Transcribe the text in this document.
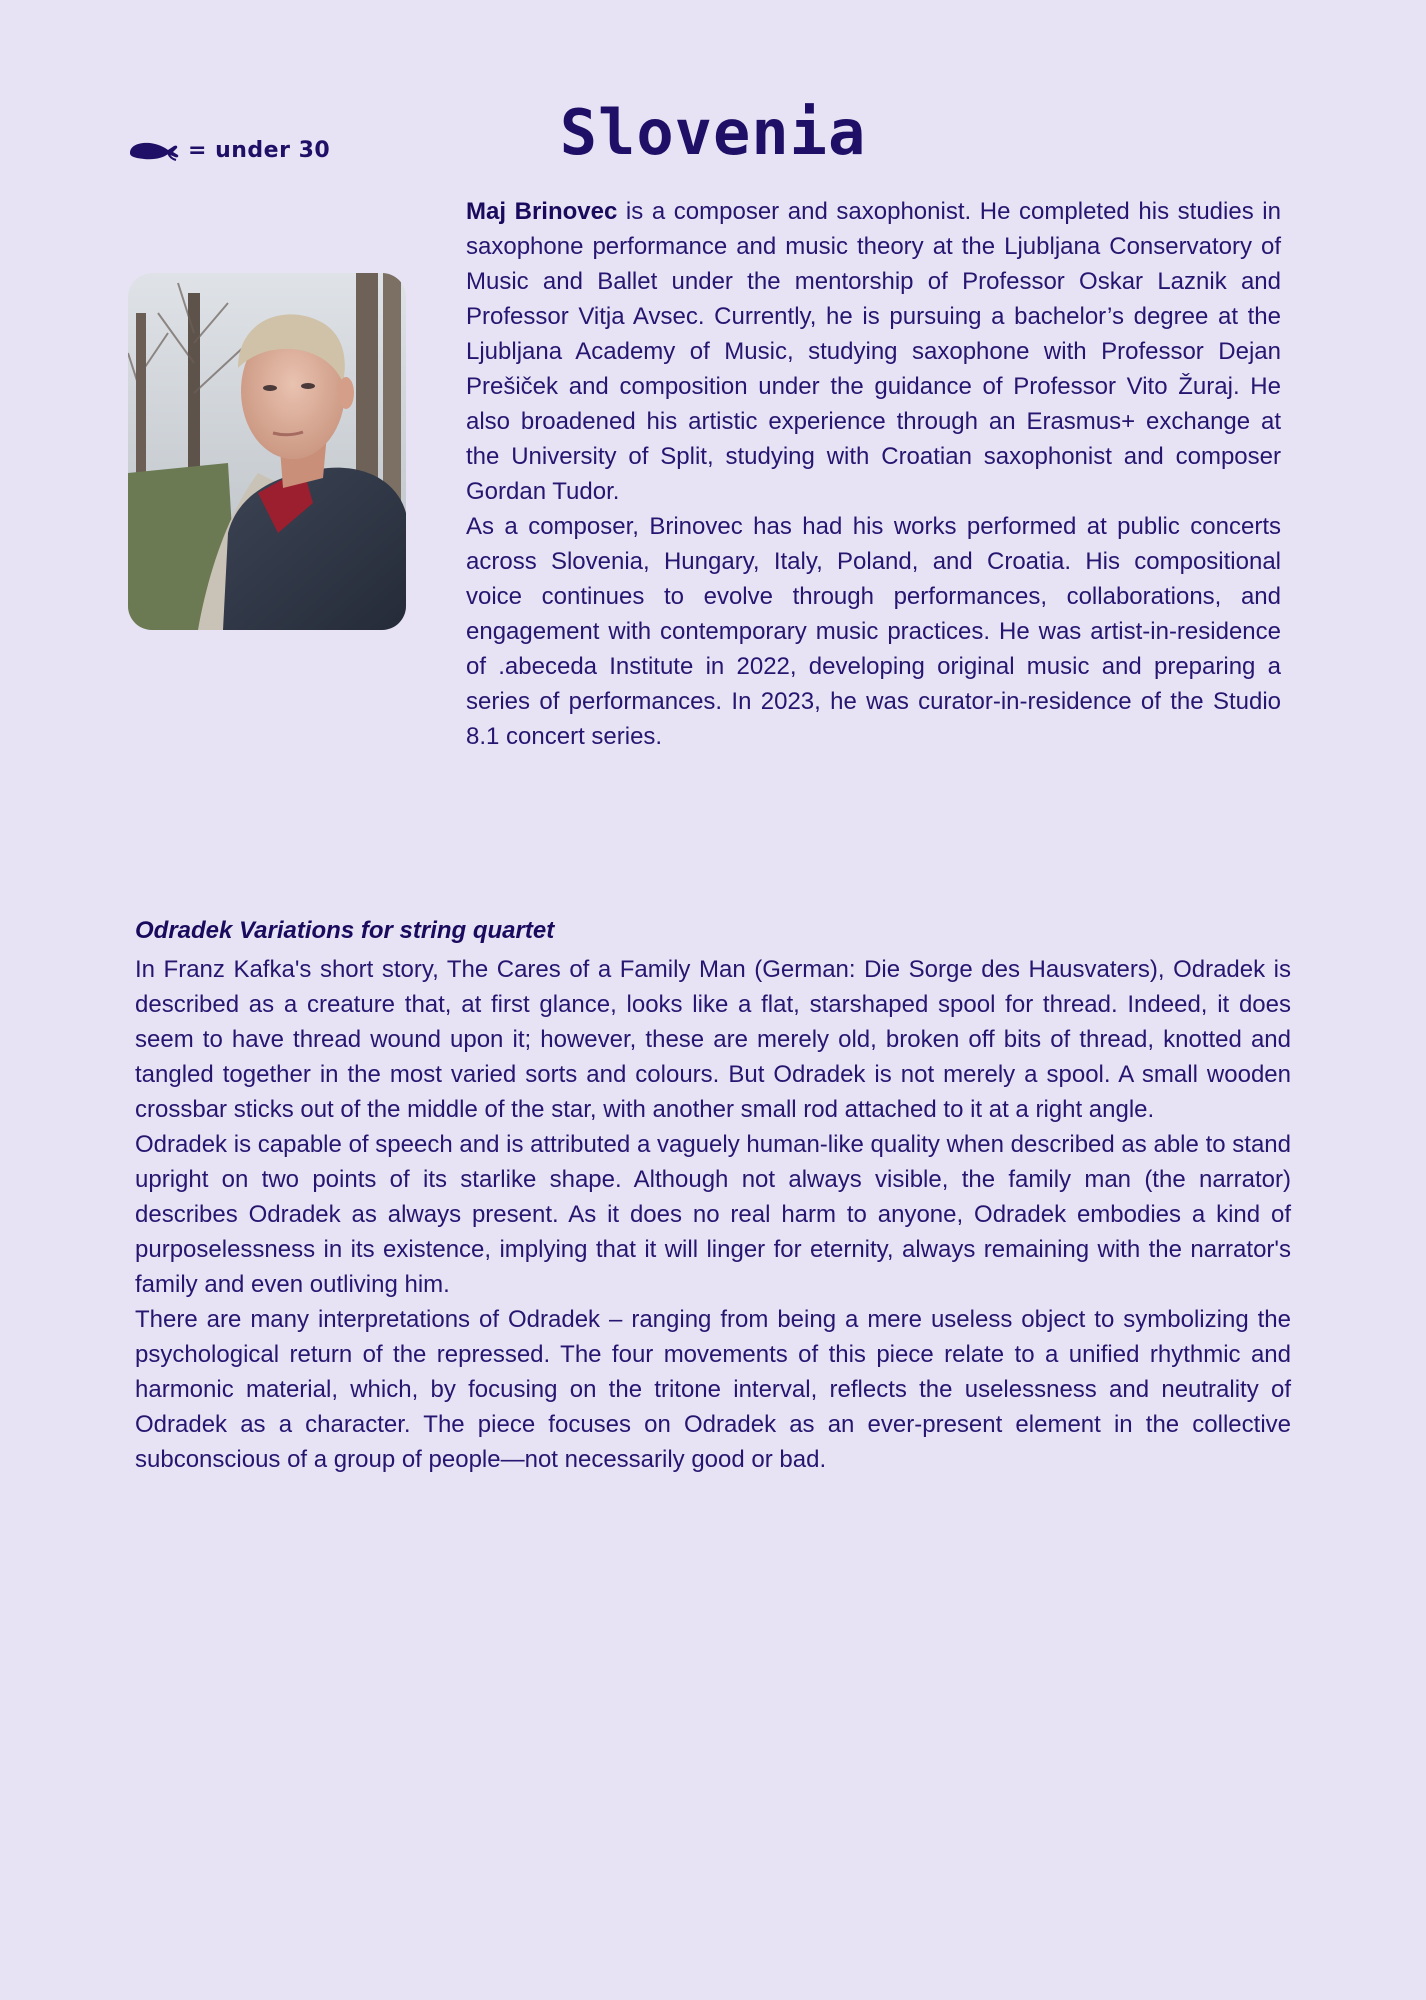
= under 30	Slovenia

Maj Brinovec is a composer and saxophonist. He completed his studies in saxophone performance and music theory at the Ljubljana Conservatory of Music and Ballet under the mentorship of Professor Oskar Laznik and Professor Vitja Avsec. Currently, he is pursuing a bachelor’s degree at the Ljubljana Academy of Music, studying saxophone with Professor Dejan Prešiček and composition under the guidance of Professor Vito Žuraj. He also broadened his artistic experience through an Erasmus+ exchange at the University of Split, studying with Croatian saxophonist and composer Gordan Tudor.

As a composer, Brinovec has had his works performed at public concerts across Slovenia, Hungary, Italy, Poland, and Croatia. His compositional voice continues to evolve through performances, collaborations, and engagement with contemporary music practices. He was artist-in-residence of .abeceda Institute in 2022, developing original music and preparing a series of performances. In 2023, he was curator-in-residence of the Studio 8.1 concert series.

Odradek Variations for string quartet

In Franz Kafka's short story, The Cares of a Family Man (German: Die Sorge des Hausvaters), Odradek is described as a creature that, at first glance, looks like a flat, starshaped spool for thread. Indeed, it does seem to have thread wound upon it; however, these are merely old, broken off bits of thread, knotted and tangled together in the most varied sorts and colours. But Odradek is not merely a spool. A small wooden crossbar sticks out of the middle of the star, with another small rod attached to it at a right angle.

Odradek is capable of speech and is attributed a vaguely human-like quality when described as able to stand upright on two points of its starlike shape. Although not always visible, the family man (the narrator) describes Odradek as always present. As it does no real harm to anyone, Odradek embodies a kind of purposelessness in its existence, implying that it will linger for eternity, always remaining with the narrator's family and even outliving him.

There are many interpretations of Odradek – ranging from being a mere useless object to symbolizing the psychological return of the repressed. The four movements of this piece relate to a unified rhythmic and harmonic material, which, by focusing on the tritone interval, reflects the uselessness and neutrality of Odradek as a character. The piece focuses on Odradek as an ever-present element in the collective subconscious of a group of people—not necessarily good or bad.
